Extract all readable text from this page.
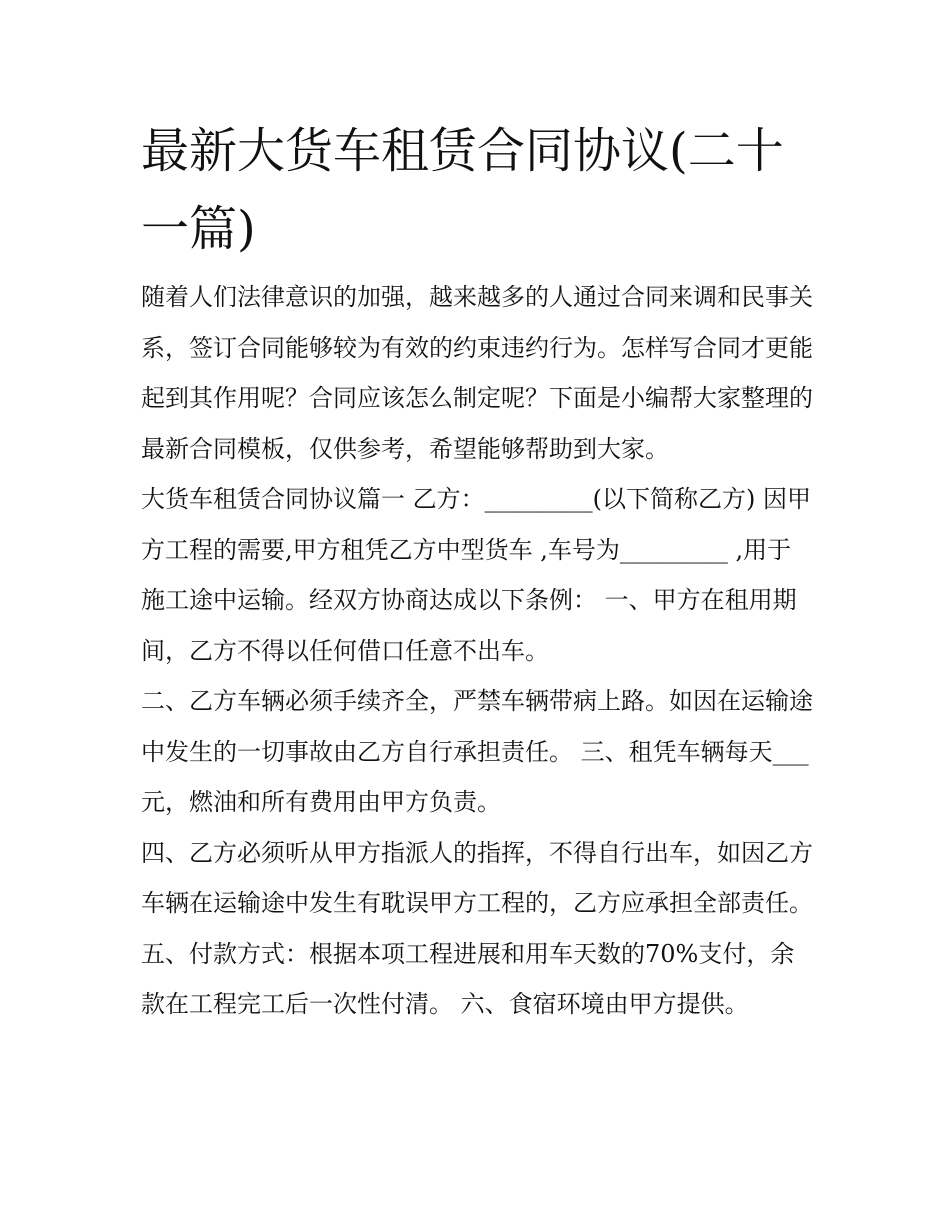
最新大货车租赁合同协议(二十一篇)

随着人们法律意识的加强，越来越多的人通过合同来调和民事关系，签订合同能够较为有效的约束违约行为。怎样写合同才更能起到其作用呢？合同应该怎么制定呢？下面是小编帮大家整理的最新合同模板，仅供参考，希望能够帮助到大家。

大货车租赁合同协议篇一 乙方：_________(以下简称乙方) 因甲方工程的需要,甲方租凭乙方中型货车 ,车号为_________ ,用于施工途中运输。经双方协商达成以下条例： 一、甲方在租用期间，乙方不得以任何借口任意不出车。

二、乙方车辆必须手续齐全，严禁车辆带病上路。如因在运输途中发生的一切事故由乙方自行承担责任。 三、租凭车辆每天___元，燃油和所有费用由甲方负责。

四、乙方必须听从甲方指派人的指挥，不得自行出车，如因乙方车辆在运输途中发生有耽误甲方工程的，乙方应承担全部责任。

五、付款方式：根据本项工程进展和用车天数的70%支付，余款在工程完工后一次性付清。 六、食宿环境由甲方提供。
